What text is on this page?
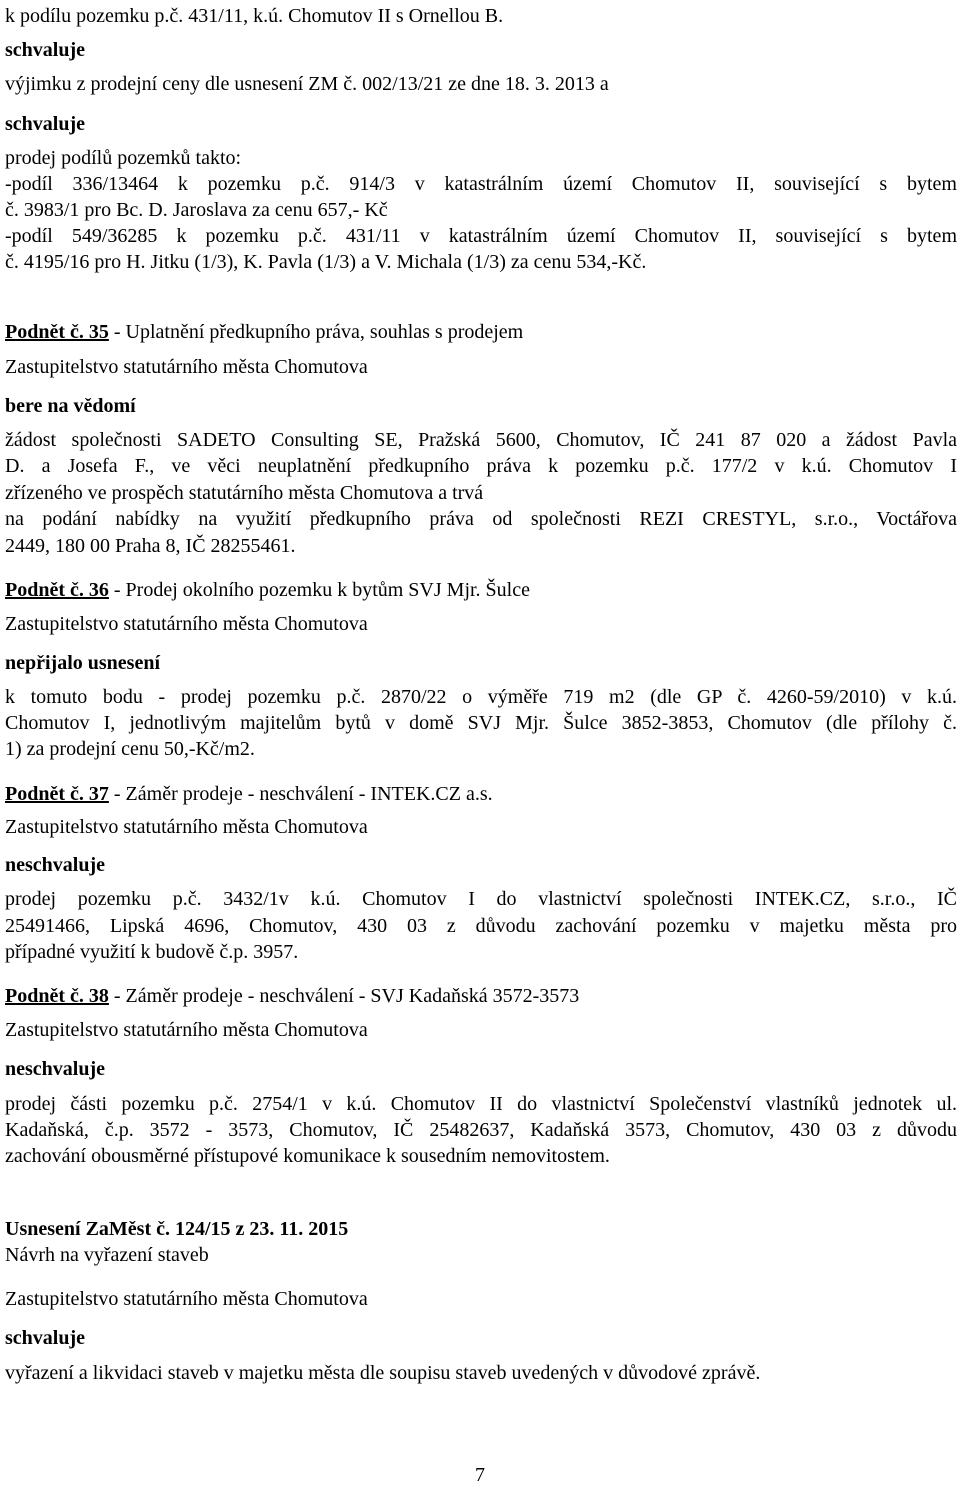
k podílu pozemku p.č. 431/11, k.ú. Chomutov II s Ornellou B.
schvaluje
výjimku z prodejní ceny dle usnesení ZM č. 002/13/21 ze dne 18. 3. 2013 a
schvaluje
prodej podílů pozemků takto:
-podíl 336/13464 k pozemku p.č. 914/3 v katastrálním území Chomutov II, související s bytem
č. 3983/1 pro Bc. D. Jaroslava za cenu 657,- Kč
-podíl 549/36285 k pozemku p.č. 431/11 v katastrálním území Chomutov II, související s bytem
č. 4195/16 pro H. Jitku (1/3), K. Pavla (1/3) a V. Michala (1/3) za cenu 534,-Kč.
Podnět č. 35 - Uplatnění předkupního práva, souhlas s prodejem
Zastupitelstvo statutárního města Chomutova
bere na vědomí
žádost společnosti SADETO Consulting SE, Pražská 5600, Chomutov, IČ 241 87 020 a žádost Pavla
D. a Josefa F., ve věci neuplatnění předkupního práva k pozemku p.č. 177/2 v k.ú. Chomutov I
zřízeného ve prospěch statutárního města Chomutova a trvá
na podání nabídky na využití předkupního práva od společnosti REZI CRESTYL, s.r.o., Voctářova
2449, 180 00 Praha 8, IČ 28255461.
Podnět č. 36 - Prodej okolního pozemku k bytům SVJ Mjr. Šulce
Zastupitelstvo statutárního města Chomutova
nepřijalo usnesení
k tomuto bodu - prodej pozemku p.č. 2870/22 o výměře 719 m2 (dle GP č. 4260-59/2010) v k.ú.
Chomutov I, jednotlivým majitelům bytů v domě SVJ Mjr. Šulce 3852-3853, Chomutov (dle přílohy č.
1) za prodejní cenu 50,-Kč/m2.
Podnět č. 37 - Záměr prodeje - neschválení - INTEK.CZ a.s.
Zastupitelstvo statutárního města Chomutova
neschvaluje
prodej pozemku p.č. 3432/1v k.ú. Chomutov I do vlastnictví společnosti INTEK.CZ, s.r.o., IČ
25491466, Lipská 4696, Chomutov, 430 03 z důvodu zachování pozemku v majetku města pro
případné využití k budově č.p. 3957.
Podnět č. 38 - Záměr prodeje - neschválení - SVJ Kadaňská 3572-3573
Zastupitelstvo statutárního města Chomutova
neschvaluje
prodej části pozemku p.č. 2754/1 v k.ú. Chomutov II do vlastnictví Společenství vlastníků jednotek ul.
Kadaňská, č.p. 3572 - 3573, Chomutov, IČ 25482637, Kadaňská 3573, Chomutov, 430 03 z důvodu
zachování obousměrné přístupové komunikace k sousedním nemovitostem.
Usnesení ZaMěst č. 124/15 z 23. 11. 2015
Návrh na vyřazení staveb
Zastupitelstvo statutárního města Chomutova
schvaluje
vyřazení a likvidaci staveb v majetku města dle soupisu staveb uvedených v důvodové zprávě.
7
